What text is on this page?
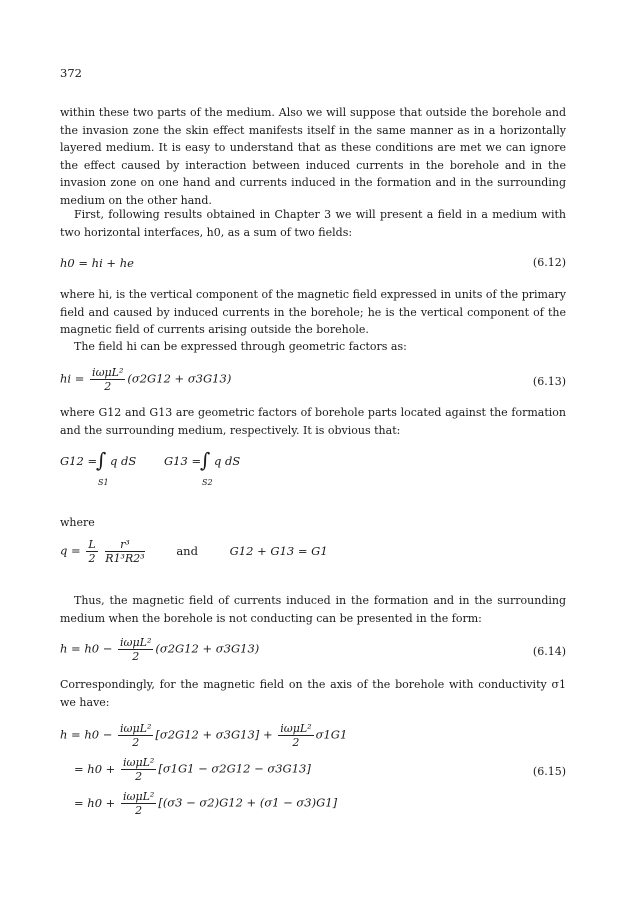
372
within these two parts of the medium. Also we will suppose that outside the borehole and the invasion zone the skin effect manifests itself in the same manner as in a horizontally layered medium. It is easy to understand that as these conditions are met we can ignore the effect caused by interaction between induced currents in the borehole and in the invasion zone on one hand and currents induced in the formation and in the surrounding medium on the other hand.
First, following results obtained in Chapter 3 we will present a field in a medium with two horizontal interfaces, h0, as a sum of two fields:
h0 = hi + he	(6.12)
where hi, is the vertical component of the magnetic field expressed in units of the primary field and caused by induced currents in the borehole; he is the vertical component of the magnetic field of currents arising outside the borehole.
The field hi can be expressed through geometric factors as:
hi = $\frac{\text{iωμL²}}{2} (\sigma 2G12 + \sigma 3G13)$	(6.13)
where G12 and G13 are geometric factors of borehole parts located against the formation and the surrounding medium, respectively. It is obvious that:
G12 =
∫ q dS
S1
G13 =
∫ q dS
S2
where
$q = \frac{L}{2}$
$\frac{\text{r³}}{\text{R1³R2³}}$	and	G12 + G13 = G1
Thus, the magnetic field of currents induced in the formation and in the surrounding medium when the borehole is not conducting can be presented in the form:
$h = h0 - \frac{\text{iωμL²}}{2} (\sigma 2G12 + \sigma 3G13)$	(6.14)
Correspondingly, for the magnetic field on the axis of the borehole with conductivity σ1 we have:
$h = h0 - \frac{\text{iωμL²}}{2} [\sigma 2G12 + \sigma 3G13] + \frac{\text{iωμL²}}{2} \sigma 1G1$
= $h0 + \frac{\text{iωμL²}}{2} [\sigma 1G1 - \sigma 2G12 - \sigma 3G13]$	(6.15)
= $h0 + \frac{\text{iωμL²}}{2} [(\sigma 3 - \sigma 2)G12 + (\sigma 1 - \sigma 3)G1]$
